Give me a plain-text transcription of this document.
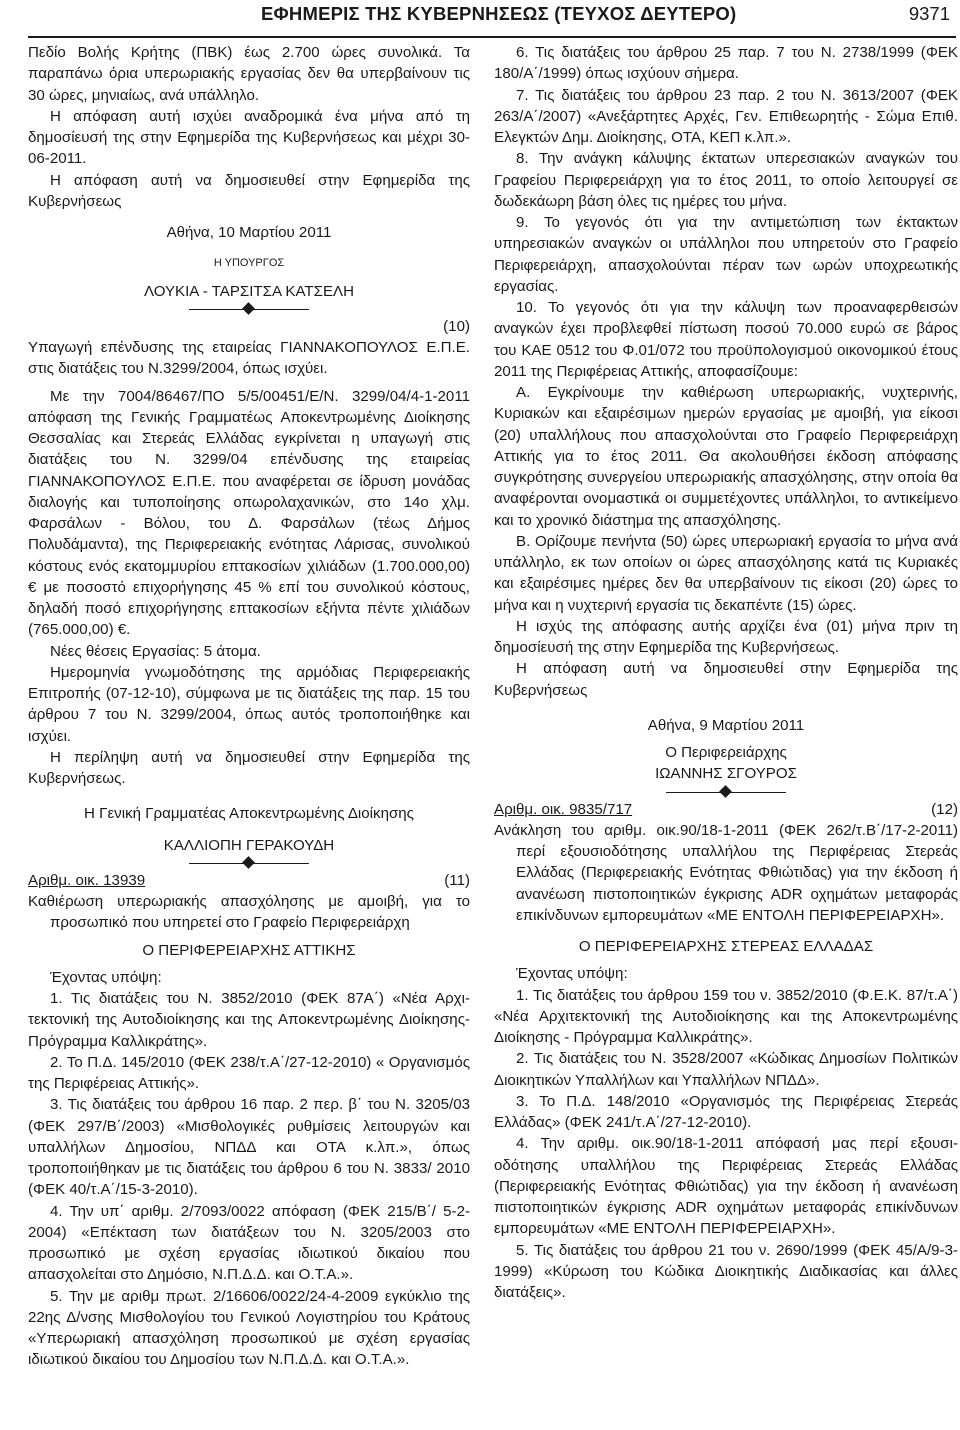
ΕΦΗΜΕΡΙΣ ΤΗΣ ΚΥΒΕΡΝΗΣΕΩΣ (ΤΕΥΧΟΣ ΔΕΥΤΕΡΟ)	9371

Πεδίο Βολής Κρήτης (ΠΒΚ) έως 2.700 ώρες συνολικά. Τα παραπάνω όρια υπερωριακής εργασίας δεν θα υπερβαίνουν τις 30 ώρες, μηνιαίως, ανά υπάλληλο.

Η απόφαση αυτή ισχύει αναδρομικά ένα μήνα από τη δημοσίευσή της στην Εφημερίδα της Κυβερνήσεως και μέχρι 30-06-2011.

Η απόφαση αυτή να δημοσιευθεί στην Εφημερίδα της Κυβερνήσεως

Αθήνα, 10 Μαρτίου 2011

Η ΥΠΟΥΡΓΟΣ

ΛΟΥΚΙΑ - ΤΑΡΣΙΤΣΑ ΚΑΤΣΕΛΗ

(10)

Υπαγωγή επένδυσης της εταιρείας ΓΙΑΝΝΑΚΟΠΟΥΛΟΣ Ε.Π.Ε. στις διατάξεις του Ν.3299/2004, όπως ισχύει.

Με την 7004/86467/ΠΟ 5/5/00451/Ε/Ν. 3299/04/4-1-2011 απόφαση της Γενικής Γραμματέως Αποκεντρωμένης Διοίκησης Θεσσαλίας και Στερεάς Ελλάδας εγκρίνεται η υπαγωγή στις διατάξεις του Ν. 3299/04 επένδυσης της εταιρείας ΓΙΑΝΝΑΚΟΠΟΥΛΟΣ Ε.Π.Ε. που αναφέρεται σε ίδρυση μονάδας διαλογής και τυποποίησης οπωρολαχανικών, στο 14ο χλμ. Φαρσάλων - Βόλου, του Δ. Φαρσάλων (τέως Δήμος Πολυδάμαντα), της Περιφερειακής ενότητας Λάρισας, συνολικού κόστους ενός εκατομμυρίου επτακοσίων χιλιάδων (1.700.000,00) € με ποσοστό επιχορήγησης 45 % επί του συνολικού κόστους, δηλαδή ποσό επιχορήγησης επτακοσίων εξήντα πέντε χιλιάδων (765.000,00) €.

Νέες θέσεις Εργασίας: 5 άτομα.

Ημερομηνία γνωμοδότησης της αρμόδιας Περιφερειακής Επιτροπής (07-12-10), σύμφωνα με τις διατάξεις της παρ. 15 του άρθρου 7 του Ν. 3299/2004, όπως αυτός τροποποιήθηκε και ισχύει.

Η περίληψη αυτή να δημοσιευθεί στην Εφημερίδα της Κυβερνήσεως.

Η Γενική Γραμματέας Αποκεντρωμένης Διοίκησης

ΚΑΛΛΙΟΠΗ ΓΕΡΑΚΟΥΔΗ

Αριθμ. οικ. 13939	(11)

Καθιέρωση υπερωριακής απασχόλησης με αμοιβή, για το προσωπικό που υπηρετεί στο Γραφείο Περιφερειάρχη

Ο ΠΕΡΙΦΕΡΕΙΑΡΧΗΣ ΑΤΤΙΚΗΣ

Έχοντας υπόψη:

1. Τις διατάξεις του Ν. 3852/2010 (ΦΕΚ 87Α΄) «Νέα Αρχιτεκτονική της Αυτοδιοίκησης και της Αποκεντρωμένης Διοίκησης-Πρόγραμμα Καλλικράτης».

2. Το Π.Δ. 145/2010 (ΦΕΚ 238/τ.Α΄/27-12-2010) « Οργανισμός της Περιφέρειας Αττικής».

3. Τις διατάξεις του άρθρου 16 παρ. 2 περ. β΄ του Ν. 3205/03 (ΦΕΚ 297/Β΄/2003) «Μισθολογικές ρυθμίσεις λειτουργών και υπαλλήλων Δημοσίου, ΝΠΔΔ και ΟΤΑ κ.λπ.», όπως τροποποιήθηκαν με τις διατάξεις του άρθρου 6 του Ν. 3833/ 2010 (ΦΕΚ 40/τ.Α΄/15-3-2010).

4. Την υπ΄ αριθμ. 2/7093/0022 απόφαση (ΦΕΚ 215/Β΄/ 5-2-2004) «Επέκταση των διατάξεων του Ν. 3205/2003 στο προσωπικό με σχέση εργασίας ιδιωτικού δικαίου που απασχολείται στο Δημόσιο, Ν.Π.Δ.Δ. και Ο.Τ.Α.».

5. Την με αριθμ πρωτ. 2/16606/0022/24-4-2009 εγκύκλιο της 22ης Δ/νσης Μισθολογίου του Γενικού Λογιστηρίου του Κράτους «Υπερωριακή απασχόληση προσωπικού με σχέση εργασίας ιδιωτικού δικαίου του Δημοσίου των Ν.Π.Δ.Δ. και Ο.Τ.Α.».

6. Τις διατάξεις του άρθρου 25 παρ. 7 του Ν. 2738/1999 (ΦΕΚ 180/Α΄/1999) όπως ισχύουν σήμερα.

7. Τις διατάξεις του άρθρου 23 παρ. 2 του Ν. 3613/2007 (ΦΕΚ 263/Α΄/2007) «Ανεξάρτητες Αρχές, Γεν. Επιθεωρητής - Σώμα Επιθ. Ελεγκτών Δημ. Διοίκησης, ΟΤΑ, ΚΕΠ κ.λπ.».

8. Την ανάγκη κάλυψης έκτατων υπερεσιακών αναγκών του Γραφείου Περιφερειάρχη για το έτος 2011, το οποίο λειτουργεί σε δωδεκάωρη βάση όλες τις ημέρες του μήνα.

9. Το γεγονός ότι για την αντιμετώπιση των έκτακτων υπηρεσιακών αναγκών οι υπάλληλοι που υπηρετούν στο Γραφείο Περιφερειάρχη, απασχολούνται πέραν των ωρών υποχρεωτικής εργασίας.

10. Το γεγονός ότι για την κάλυψη των προαναφερθεισών αναγκών έχει προβλεφθεί πίστωση ποσού 70.000 ευρώ σε βάρος του ΚΑΕ 0512 του Φ.01/072 του προϋπολογισμού οικονομικού έτους 2011 της Περιφέρειας Αττικής, αποφασίζουμε:

Α. Εγκρίνουμε την καθιέρωση υπερωριακής, νυχτερινής, Κυριακών και εξαιρέσιμων ημερών εργασίας με αμοιβή, για είκοσι (20) υπαλλήλους που απασχολούνται στο Γραφείο Περιφερειάρχη Αττικής για το έτος 2011. Θα ακολουθήσει έκδοση απόφασης συγκρότησης συνεργείου υπερωριακής απασχόλησης, στην οποία θα αναφέρονται ονομαστικά οι συμμετέχοντες υπάλληλοι, το αντικείμενο και το χρονικό διάστημα της απασχόλησης.

Β. Ορίζουμε πενήντα (50) ώρες υπερωριακή εργασία το μήνα ανά υπάλληλο, εκ των οποίων οι ώρες απασχόλησης κατά τις Κυριακές και εξαιρέσιμες ημέρες δεν θα υπερβαίνουν τις είκοσι (20) ώρες το μήνα και η νυχτερινή εργασία τις δεκαπέντε (15) ώρες.

Η ισχύς της απόφασης αυτής αρχίζει ένα (01) μήνα πριν τη δημοσίευσή της στην Εφημερίδα της Κυβερνήσεως.

Η απόφαση αυτή να δημοσιευθεί στην Εφημερίδα της Κυβερνήσεως

Αθήνα, 9 Μαρτίου 2011

Ο Περιφερειάρχης

ΙΩΑΝΝΗΣ ΣΓΟΥΡΟΣ

Αριθμ. οικ. 9835/717	(12)

Ανάκληση του αριθμ. οικ.90/18-1-2011 (ΦΕΚ 262/τ.Β΄/17-2-2011) περί εξουσιοδότησης υπαλλήλου της Περιφέρειας Στερεάς Ελλάδας (Περιφερειακής Ενότητας Φθιώτιδας) για την έκδοση ή ανανέωση πιστοποιητικών έγκρισης ADR οχημάτων μεταφοράς επικίνδυνων εμπορευμάτων «ΜΕ ΕΝΤΟΛΗ ΠΕΡΙΦΕΡΕΙΑΡΧΗ».

Ο ΠΕΡΙΦΕΡΕΙΑΡΧΗΣ ΣΤΕΡΕΑΣ ΕΛΛΑΔΑΣ

Έχοντας υπόψη:

1. Τις διατάξεις του άρθρου 159 του ν. 3852/2010 (Φ.Ε.Κ. 87/τ.Α΄) «Νέα Αρχιτεκτονική της Αυτοδιοίκησης και της Αποκεντρωμένης Διοίκησης - Πρόγραμμα Καλλικράτης».

2. Τις διατάξεις του Ν. 3528/2007 «Κώδικας Δημοσίων Πολιτικών Διοικητικών Υπαλλήλων και Υπαλλήλων ΝΠΔΔ».

3. Το Π.Δ. 148/2010 «Οργανισμός της Περιφέρειας Στερεάς Ελλάδας» (ΦΕΚ 241/τ.Α΄/27-12-2010).

4. Την αριθμ. οικ.90/18-1-2011 απόφασή μας περί εξουσιοδότησης υπαλλήλου της Περιφέρειας Στερεάς Ελλάδας (Περιφερειακής Ενότητας Φθιώτιδας) για την έκδοση ή ανανέωση πιστοποιητικών έγκρισης ADR οχημάτων μεταφοράς επικίνδυνων εμπορευμάτων «ΜΕ ΕΝΤΟΛΗ ΠΕΡΙΦΕΡΕΙΑΡΧΗ».

5. Τις διατάξεις του άρθρου 21 του ν. 2690/1999 (ΦΕΚ 45/Α/9-3-1999) «Κύρωση του Κώδικα Διοικητικής Διαδικασίας και άλλες διατάξεις».
